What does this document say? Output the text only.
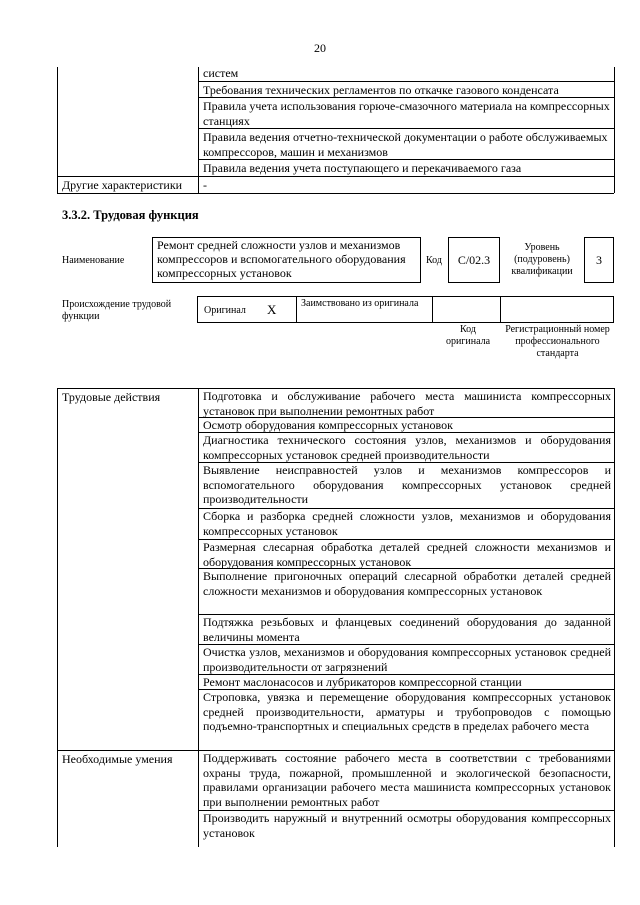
20
систем
Требования технических регламентов по откачке газового конденсата
Правила учета использования горюче-смазочного материала на компрессорных станциях
Правила ведения отчетно-технической документации о работе обслуживаемых компрессоров, машин и механизмов
Правила ведения учета поступающего и перекачиваемого газа
Другие характеристики	-
3.3.2. Трудовая функция
Наименование
Ремонт средней сложности узлов и механизмов компрессоров и вспомогательного оборудования компрессорных установок
Код	C/02.3
Уровень (подуровень) квалификации
3
Происхождение трудовой функции
Оригинал X Заимствовано из оригинала
Код оригинала
Регистрационный номер профессионального стандарта
Трудовые действия	Подготовка и обслуживание рабочего места машиниста компрессорных установок при выполнении ремонтных работ
Осмотр оборудования компрессорных установок
Диагностика технического состояния узлов, механизмов и оборудования компрессорных установок средней производительности
Выявление неисправностей узлов и механизмов компрессоров и вспомогательного оборудования компрессорных установок средней производительности
Сборка и разборка средней сложности узлов, механизмов и оборудования компрессорных установок
Размерная слесарная обработка деталей средней сложности механизмов и оборудования компрессорных установок
Выполнение пригоночных операций слесарной обработки деталей средней сложности механизмов и оборудования компрессорных установок
Подтяжка резьбовых и фланцевых соединений оборудования до заданной величины момента
Очистка узлов, механизмов и оборудования компрессорных установок средней производительности от загрязнений
Ремонт маслонасосов и лубрикаторов компрессорной станции
Строповка, увязка и перемещение оборудования компрессорных установок средней производительности, арматуры и трубопроводов с помощью подъемно-транспортных и специальных средств в пределах рабочего места
Необходимые умения	Поддерживать состояние рабочего места в соответствии с требованиями охраны труда, пожарной, промышленной и экологической безопасности, правилами организации рабочего места машиниста компрессорных установок при выполнении ремонтных работ
Производить наружный и внутренний осмотры оборудования компрессорных установок
